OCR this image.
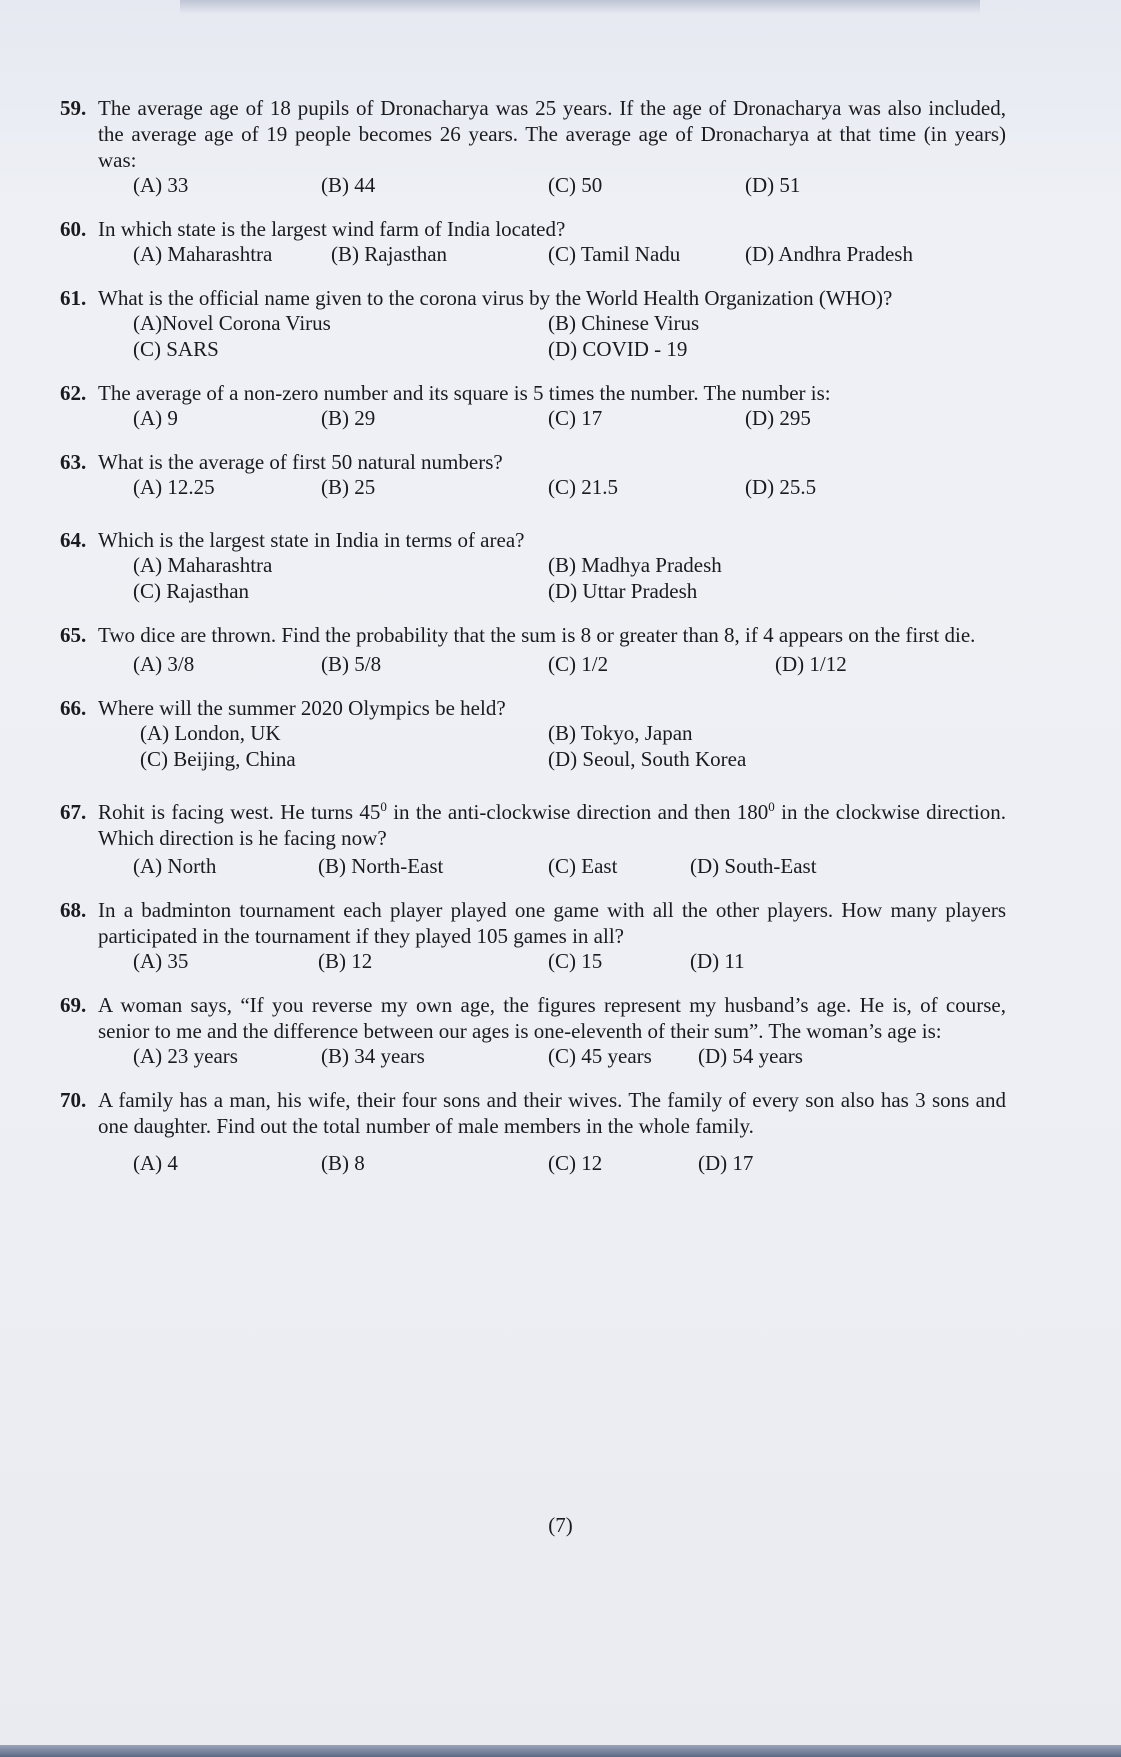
59. The average age of 18 pupils of Dronacharya was 25 years. If the age of Dronacharya was also included, the average age of 19 people becomes 26 years. The average age of Dronacharya at that time (in years) was:
(A) 33	(B) 44	(C) 50	(D) 51
60. In which state is the largest wind farm of India located?
(A) Maharashtra	(B) Rajasthan	(C) Tamil Nadu	(D) Andhra Pradesh
61. What is the official name given to the corona virus by the World Health Organization (WHO)?
(A)Novel Corona Virus	(B) Chinese Virus
(C) SARS	(D) COVID - 19
62. The average of a non-zero number and its square is 5 times the number. The number is:
(A) 9	(B) 29	(C) 17	(D) 295
63. What is the average of first 50 natural numbers?
(A) 12.25	(B) 25	(C) 21.5	(D) 25.5
64. Which is the largest state in India in terms of area?
(A) Maharashtra	(B) Madhya Pradesh
(C) Rajasthan	(D) Uttar Pradesh
65. Two dice are thrown. Find the probability that the sum is 8 or greater than 8, if 4 appears on the first die.
(A) 3/8	(B) 5/8	(C) 1/2	(D) 1/12
66. Where will the summer 2020 Olympics be held?
(A) London, UK	(B) Tokyo, Japan
(C) Beijing, China	(D) Seoul, South Korea
67. Rohit is facing west. He turns $45^0$ in the anti-clockwise direction and then $180^0$ in the clockwise direction. Which direction is he facing now?
(A) North	(B) North-East	(C) East	(D) South-East
68. In a badminton tournament each player played one game with all the other players. How many players participated in the tournament if they played 105 games in all?
(A) 35	(B) 12	(C) 15	(D) 11
69. A woman says, “If you reverse my own age, the figures represent my husband’s age. He is, of course, senior to me and the difference between our ages is one-eleventh of their sum”. The woman’s age is:
(A) 23 years	(B) 34 years	(C) 45 years (D) 54 years
70. A family has a man, his wife, their four sons and their wives. The family of every son also has 3 sons and one daughter. Find out the total number of male members in the whole family.
(A) 4	(B) 8	(C) 12	(D) 17
(7)
